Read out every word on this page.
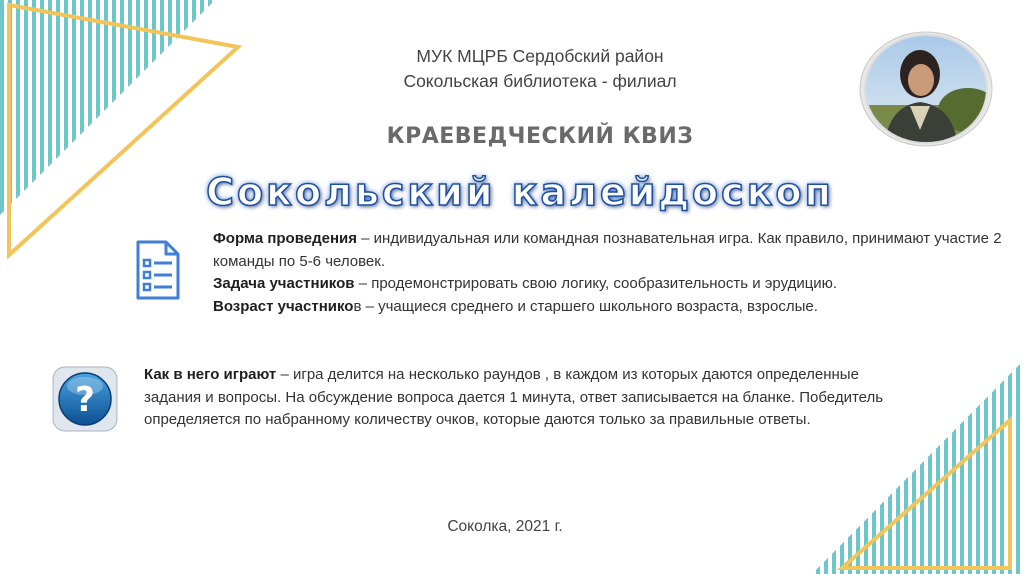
МУК МЦРБ Сердобский район
Сокольская библиотека - филиал
КРАЕВЕДЧЕСКИЙ КВИЗ
Сокольский калейдоскоп

Форма проведения – индивидуальная или командная познавательная игра. Как правило, принимают участие 2 команды по 5-6 человек.

Задача участников – продемонстрировать свою логику, сообразительность и эрудицию.

Возраст участников – учащиеся среднего и старшего школьного возраста, взрослые.

?
Как в него играют – игра делится на несколько раундов , в каждом из которых даются определенные задания и вопросы. На обсуждение вопроса дается 1 минута, ответ записывается на бланке. Победитель определяется по набранному количеству очков, которые даются только за правильные ответы.
Соколка, 2021 г.
